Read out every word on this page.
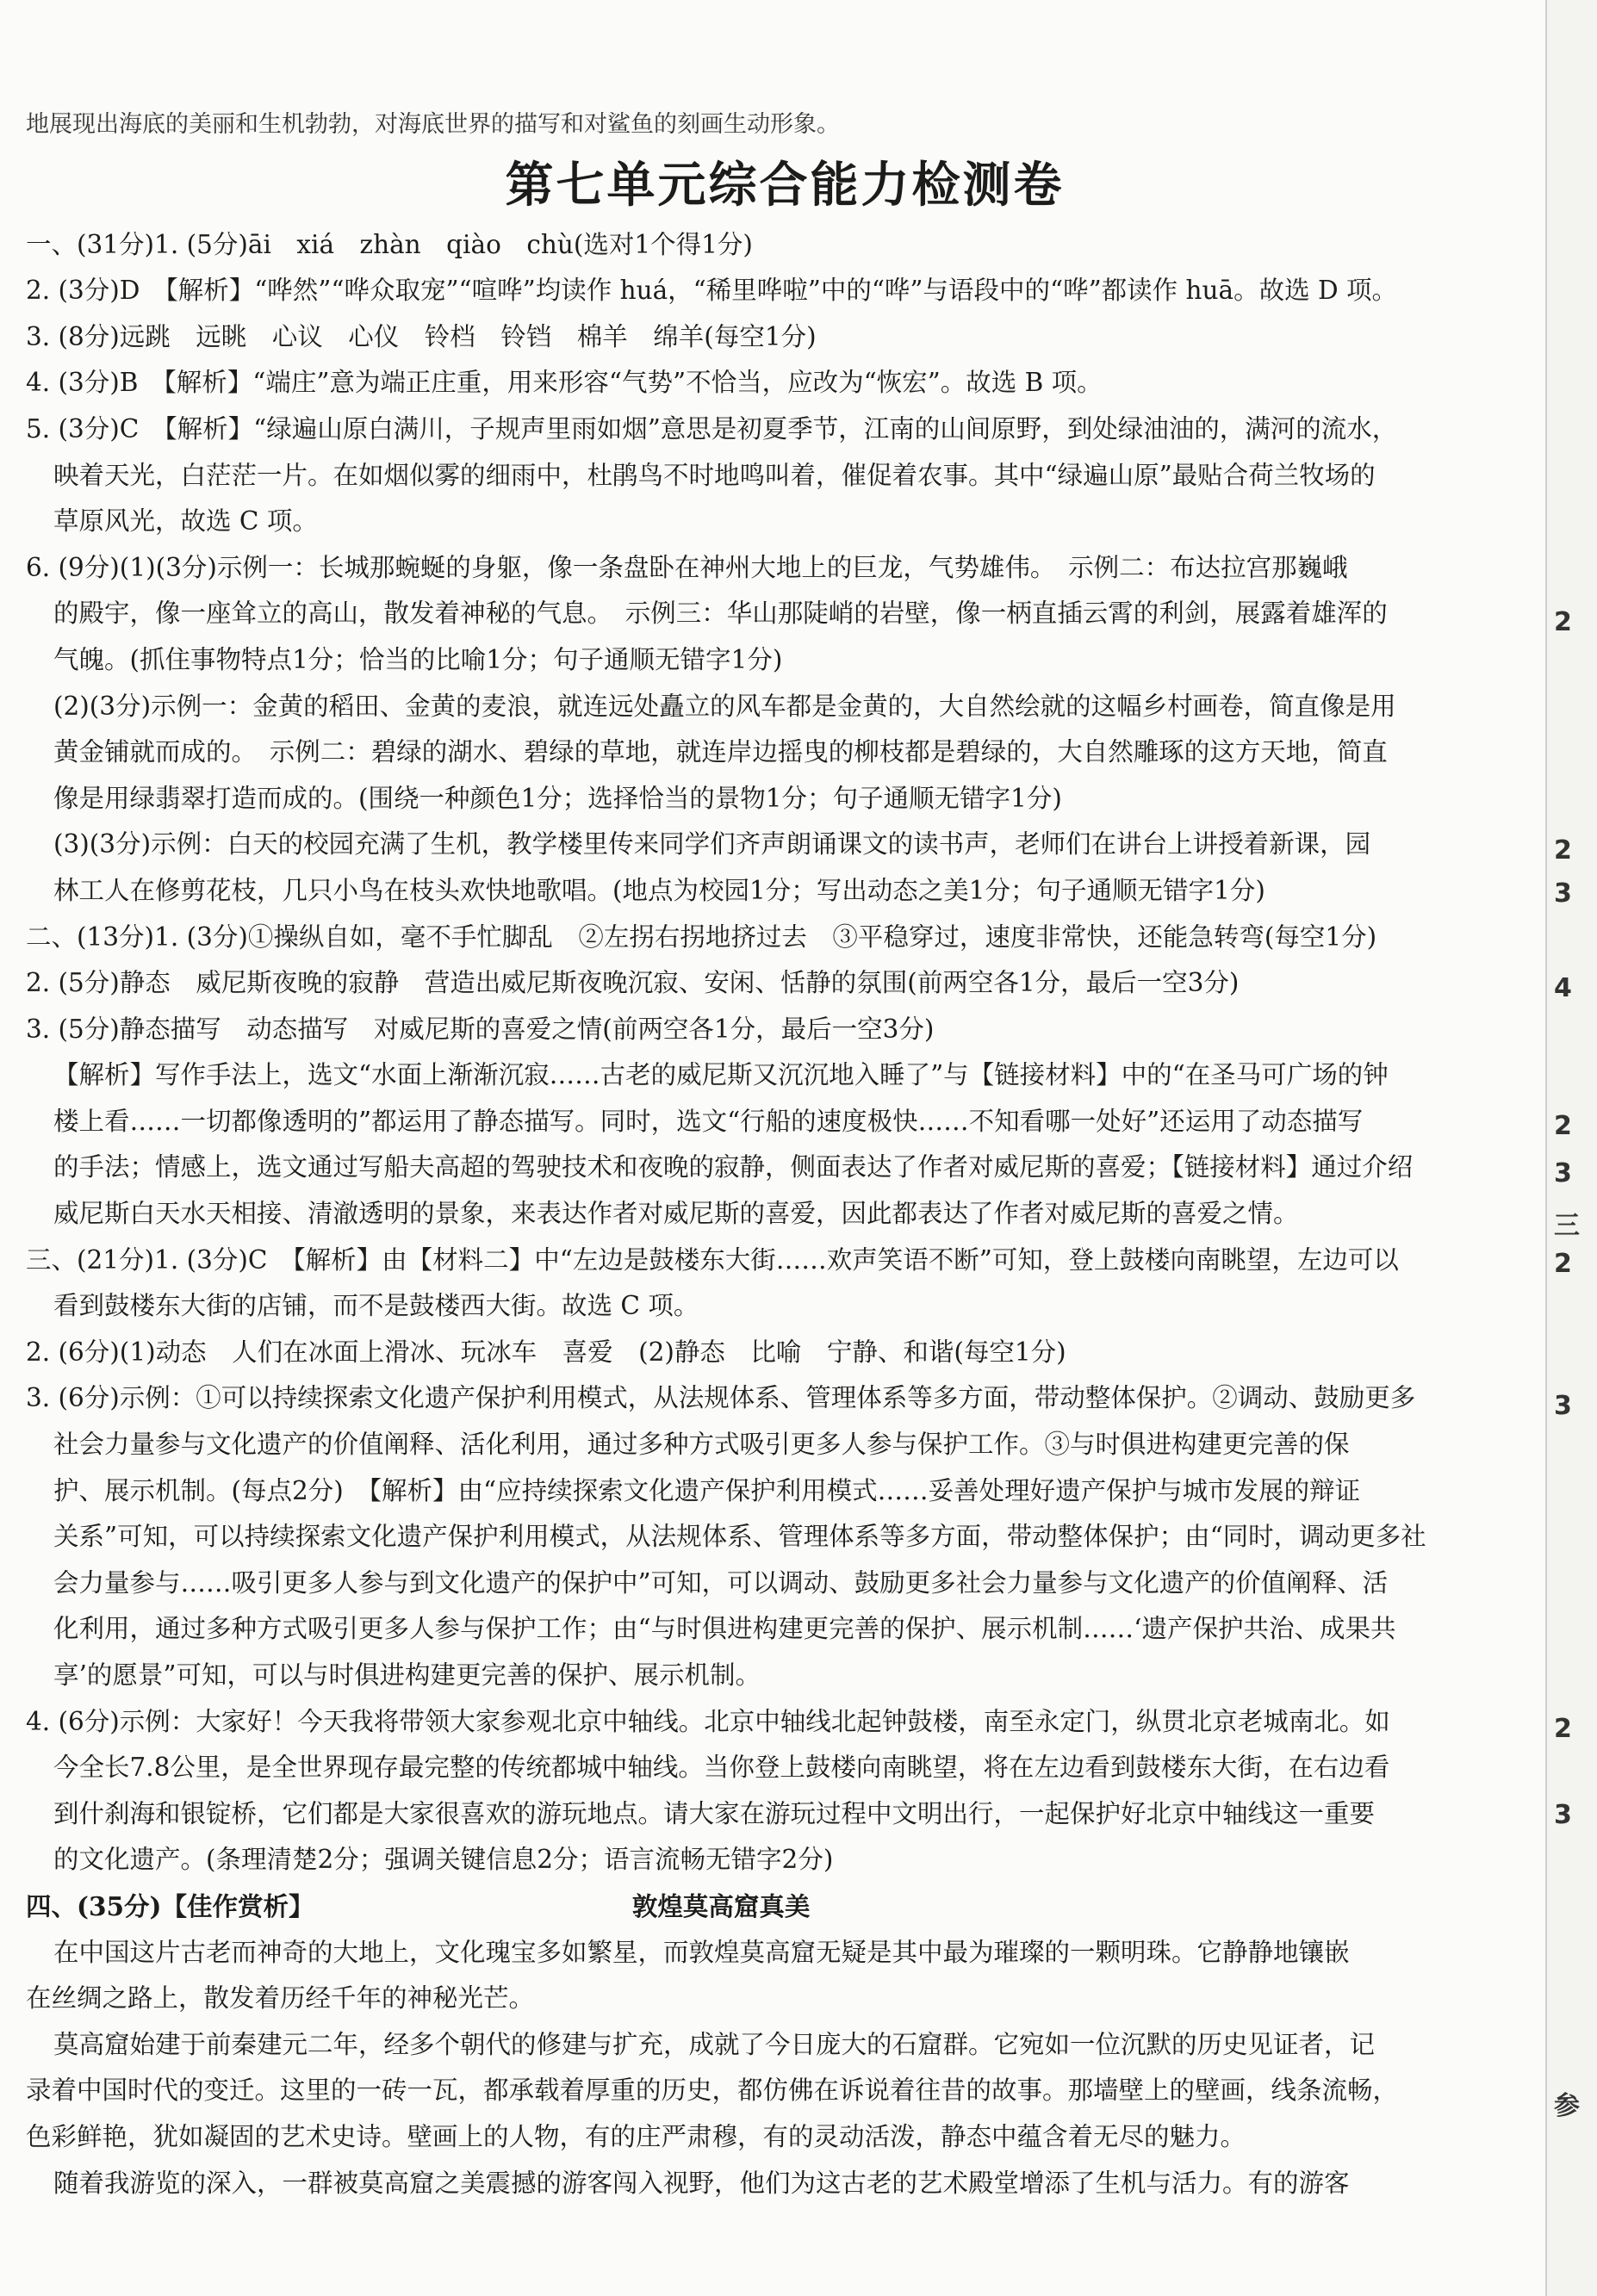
2
2
3
4
2
3
三
2
3
2
3
参
地展现出海底的美丽和生机勃勃，对海底世界的描写和对鲨鱼的刻画生动形象。
第七单元综合能力检测卷
一、(31分)1. (5分)āi　xiá　zhàn　qiào　chù(选对1个得1分)
2. (3分)D　【解析】“哗然”“哗众取宠”“喧哗”均读作 huá，“稀里哗啦”中的“哗”与语段中的“哗”都读作 huā。故选 D 项。
3. (8分)远跳　远眺　心议　心仪　铃档　铃铛　棉羊　绵羊(每空1分)
4. (3分)B　【解析】“端庄”意为端正庄重，用来形容“气势”不恰当，应改为“恢宏”。故选 B 项。
5. (3分)C　【解析】“绿遍山原白满川，子规声里雨如烟”意思是初夏季节，江南的山间原野，到处绿油油的，满河的流水，
映着天光，白茫茫一片。在如烟似雾的细雨中，杜鹃鸟不时地鸣叫着，催促着农事。其中“绿遍山原”最贴合荷兰牧场的
草原风光，故选 C 项。
6. (9分)(1)(3分)示例一：长城那蜿蜒的身躯，像一条盘卧在神州大地上的巨龙，气势雄伟。　示例二：布达拉宫那巍峨
的殿宇，像一座耸立的高山，散发着神秘的气息。　示例三：华山那陡峭的岩壁，像一柄直插云霄的利剑，展露着雄浑的
气魄。(抓住事物特点1分；恰当的比喻1分；句子通顺无错字1分)
(2)(3分)示例一：金黄的稻田、金黄的麦浪，就连远处矗立的风车都是金黄的，大自然绘就的这幅乡村画卷，简直像是用
黄金铺就而成的。　示例二：碧绿的湖水、碧绿的草地，就连岸边摇曳的柳枝都是碧绿的，大自然雕琢的这方天地，简直
像是用绿翡翠打造而成的。(围绕一种颜色1分；选择恰当的景物1分；句子通顺无错字1分)
(3)(3分)示例：白天的校园充满了生机，教学楼里传来同学们齐声朗诵课文的读书声，老师们在讲台上讲授着新课，园
林工人在修剪花枝，几只小鸟在枝头欢快地歌唱。(地点为校园1分；写出动态之美1分；句子通顺无错字1分)
二、(13分)1. (3分)①操纵自如，毫不手忙脚乱　②左拐右拐地挤过去　③平稳穿过，速度非常快，还能急转弯(每空1分)
2. (5分)静态　威尼斯夜晚的寂静　营造出威尼斯夜晚沉寂、安闲、恬静的氛围(前两空各1分，最后一空3分)
3. (5分)静态描写　动态描写　对威尼斯的喜爱之情(前两空各1分，最后一空3分)
【解析】写作手法上，选文“水面上渐渐沉寂……古老的威尼斯又沉沉地入睡了”与【链接材料】中的“在圣马可广场的钟
楼上看……一切都像透明的”都运用了静态描写。同时，选文“行船的速度极快……不知看哪一处好”还运用了动态描写
的手法；情感上，选文通过写船夫高超的驾驶技术和夜晚的寂静，侧面表达了作者对威尼斯的喜爱；【链接材料】通过介绍
威尼斯白天水天相接、清澈透明的景象，来表达作者对威尼斯的喜爱，因此都表达了作者对威尼斯的喜爱之情。
三、(21分)1. (3分)C　【解析】由【材料二】中“左边是鼓楼东大街……欢声笑语不断”可知，登上鼓楼向南眺望，左边可以
看到鼓楼东大街的店铺，而不是鼓楼西大街。故选 C 项。
2. (6分)(1)动态　人们在冰面上滑冰、玩冰车　喜爱　(2)静态　比喻　宁静、和谐(每空1分)
3. (6分)示例：①可以持续探索文化遗产保护利用模式，从法规体系、管理体系等多方面，带动整体保护。②调动、鼓励更多
社会力量参与文化遗产的价值阐释、活化利用，通过多种方式吸引更多人参与保护工作。③与时俱进构建更完善的保
护、展示机制。(每点2分)　【解析】由“应持续探索文化遗产保护利用模式……妥善处理好遗产保护与城市发展的辩证
关系”可知，可以持续探索文化遗产保护利用模式，从法规体系、管理体系等多方面，带动整体保护；由“同时，调动更多社
会力量参与……吸引更多人参与到文化遗产的保护中”可知，可以调动、鼓励更多社会力量参与文化遗产的价值阐释、活
化利用，通过多种方式吸引更多人参与保护工作；由“与时俱进构建更完善的保护、展示机制……‘遗产保护共治、成果共
享’的愿景”可知，可以与时俱进构建更完善的保护、展示机制。
4. (6分)示例：大家好！今天我将带领大家参观北京中轴线。北京中轴线北起钟鼓楼，南至永定门，纵贯北京老城南北。如
今全长7.8公里，是全世界现存最完整的传统都城中轴线。当你登上鼓楼向南眺望，将在左边看到鼓楼东大街，在右边看
到什刹海和银锭桥，它们都是大家很喜欢的游玩地点。请大家在游玩过程中文明出行，一起保护好北京中轴线这一重要
的文化遗产。(条理清楚2分；强调关键信息2分；语言流畅无错字2分)
四、(35分)【佳作赏析】	敦煌莫高窟真美
在中国这片古老而神奇的大地上，文化瑰宝多如繁星，而敦煌莫高窟无疑是其中最为璀璨的一颗明珠。它静静地镶嵌
在丝绸之路上，散发着历经千年的神秘光芒。
莫高窟始建于前秦建元二年，经多个朝代的修建与扩充，成就了今日庞大的石窟群。它宛如一位沉默的历史见证者，记
录着中国时代的变迁。这里的一砖一瓦，都承载着厚重的历史，都仿佛在诉说着往昔的故事。那墙壁上的壁画，线条流畅，
色彩鲜艳，犹如凝固的艺术史诗。壁画上的人物，有的庄严肃穆，有的灵动活泼，静态中蕴含着无尽的魅力。
随着我游览的深入，一群被莫高窟之美震撼的游客闯入视野，他们为这古老的艺术殿堂增添了生机与活力。有的游客
